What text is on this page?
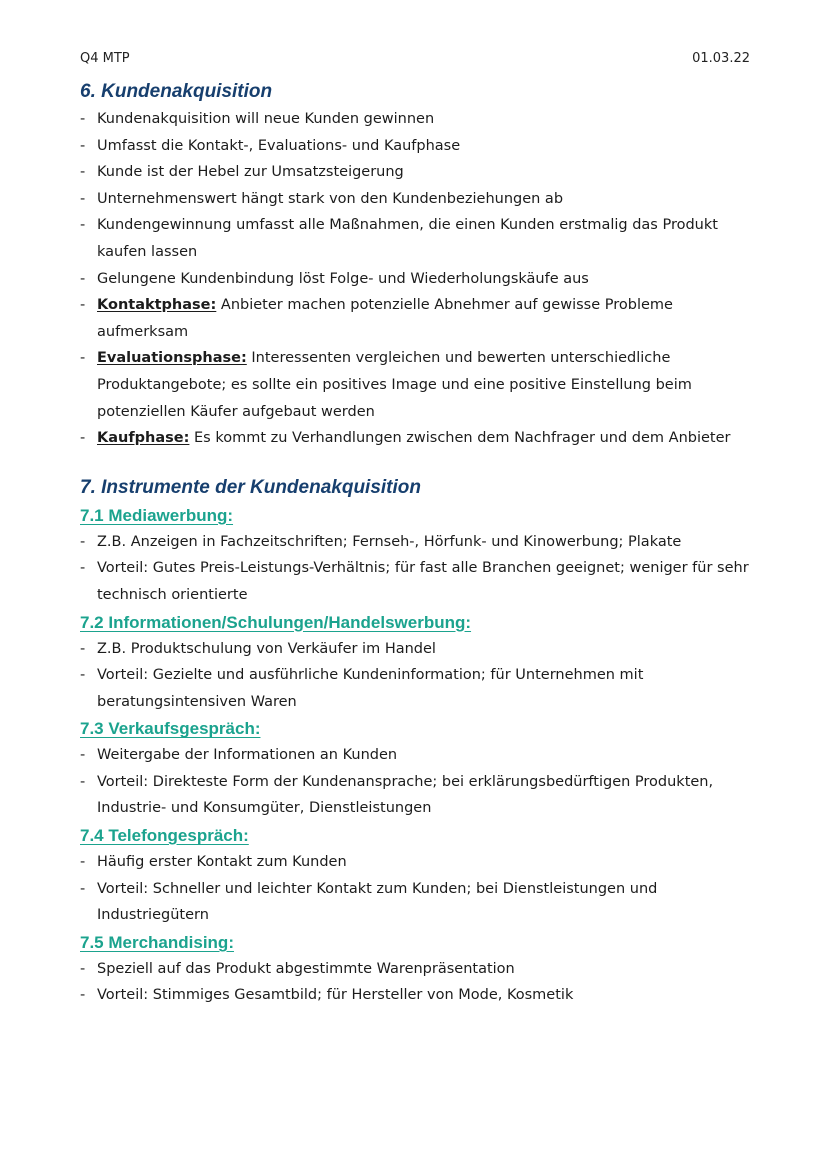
Q4 MTP	01.03.22
6. Kundenakquisition
- Kundenakquisition will neue Kunden gewinnen
- Umfasst die Kontakt-, Evaluations- und Kaufphase
- Kunde ist der Hebel zur Umsatzsteigerung
- Unternehmenswert hängt stark von den Kundenbeziehungen ab
- Kundengewinnung umfasst alle Maßnahmen, die einen Kunden erstmalig das Produkt kaufen lassen
- Gelungene Kundenbindung löst Folge- und Wiederholungskäufe aus
- Kontaktphase: Anbieter machen potenzielle Abnehmer auf gewisse Probleme aufmerksam
- Evaluationsphase: Interessenten vergleichen und bewerten unterschiedliche Produktangebote; es sollte ein positives Image und eine positive Einstellung beim potenziellen Käufer aufgebaut werden
- Kaufphase: Es kommt zu Verhandlungen zwischen dem Nachfrager und dem Anbieter
7. Instrumente der Kundenakquisition
7.1 Mediawerbung:
- Z.B. Anzeigen in Fachzeitschriften; Fernseh-, Hörfunk- und Kinowerbung; Plakate
- Vorteil: Gutes Preis-Leistungs-Verhältnis; für fast alle Branchen geeignet; weniger für sehr technisch orientierte
7.2 Informationen/Schulungen/Handelswerbung:
- Z.B. Produktschulung von Verkäufer im Handel
- Vorteil: Gezielte und ausführliche Kundeninformation; für Unternehmen mit beratungsintensiven Waren
7.3 Verkaufsgespräch:
- Weitergabe der Informationen an Kunden
- Vorteil: Direkteste Form der Kundenansprache; bei erklärungsbedürftigen Produkten, Industrie- und Konsumgüter, Dienstleistungen
7.4 Telefongespräch:
- Häufig erster Kontakt zum Kunden
- Vorteil: Schneller und leichter Kontakt zum Kunden; bei Dienstleistungen und Industriegütern
7.5 Merchandising:
- Speziell auf das Produkt abgestimmte Warenpräsentation
- Vorteil: Stimmiges Gesamtbild; für Hersteller von Mode, Kosmetik
